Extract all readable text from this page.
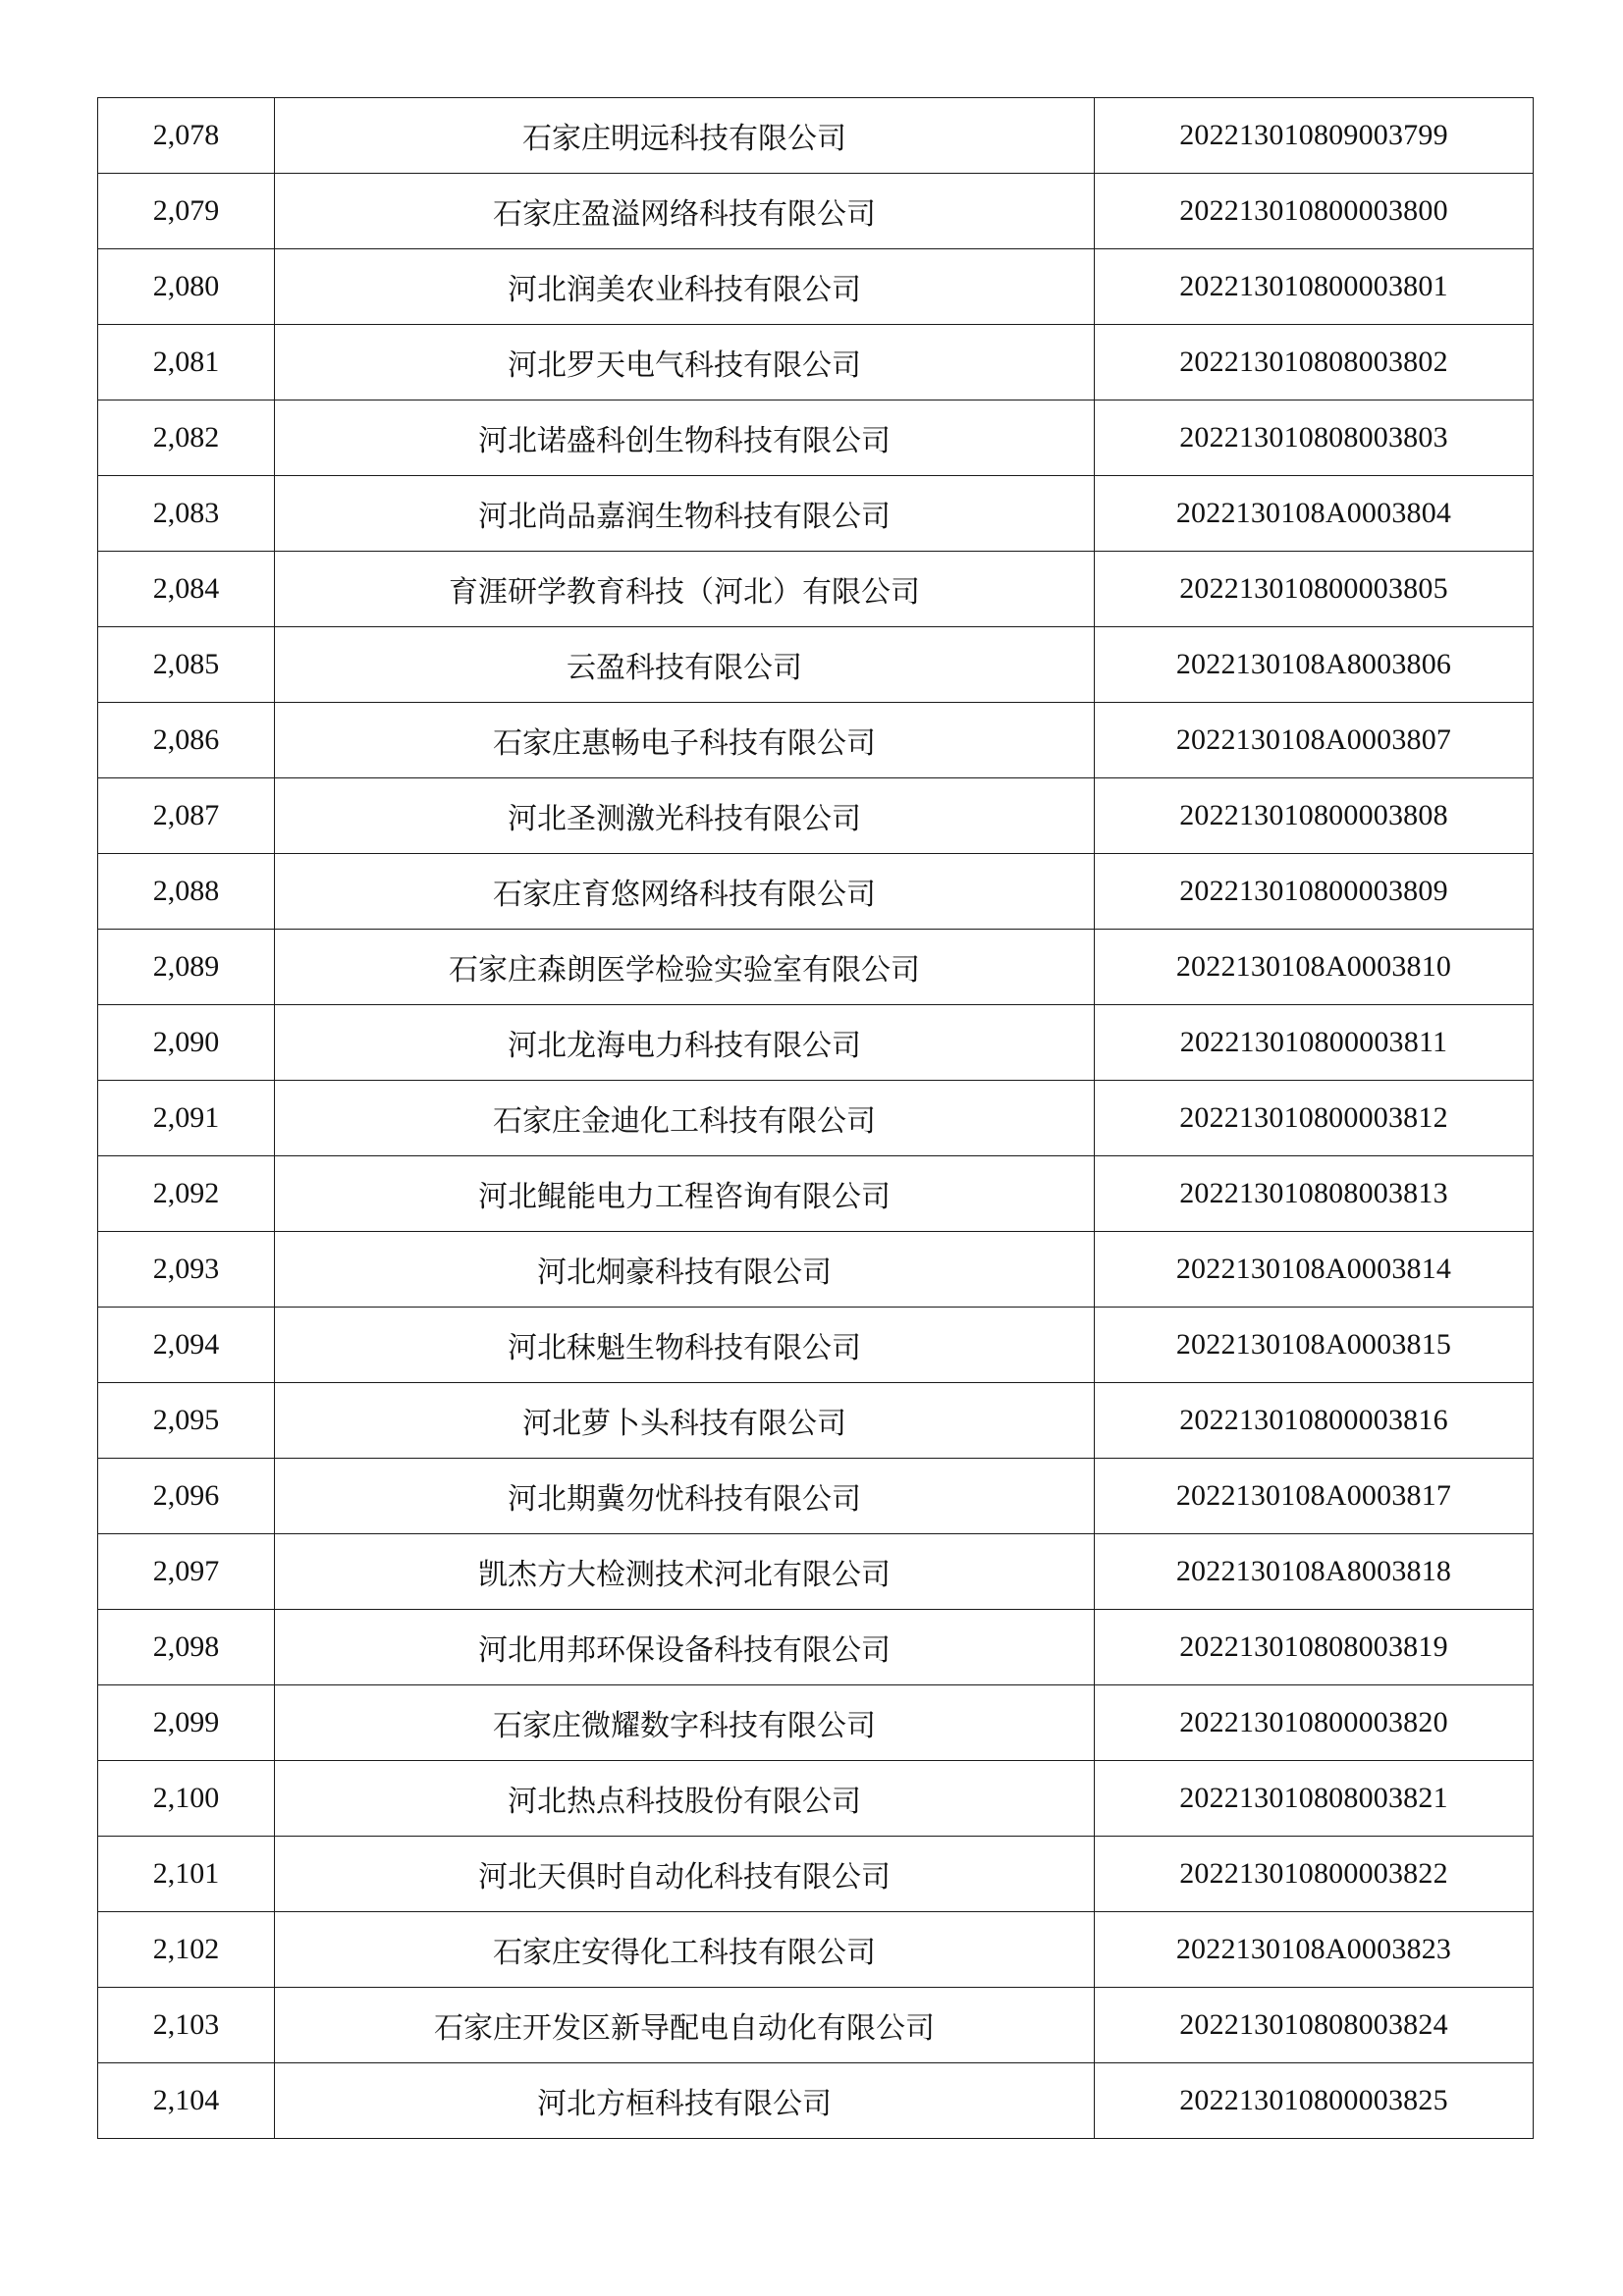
2,078	石家庄明远科技有限公司	202213010809003799
2,079	石家庄盈溢网络科技有限公司	202213010800003800
2,080	河北润美农业科技有限公司	202213010800003801
2,081	河北罗天电气科技有限公司	202213010808003802
2,082	河北诺盛科创生物科技有限公司	202213010808003803
2,083	河北尚品嘉润生物科技有限公司	2022130108A0003804
2,084	育涯研学教育科技（河北）有限公司	202213010800003805
2,085	云盈科技有限公司	2022130108A8003806
2,086	石家庄惠畅电子科技有限公司	2022130108A0003807
2,087	河北圣测激光科技有限公司	202213010800003808
2,088	石家庄育悠网络科技有限公司	202213010800003809
2,089	石家庄森朗医学检验实验室有限公司	2022130108A0003810
2,090	河北龙海电力科技有限公司	202213010800003811
2,091	石家庄金迪化工科技有限公司	202213010800003812
2,092	河北鲲能电力工程咨询有限公司	202213010808003813
2,093	河北炯豪科技有限公司	2022130108A0003814
2,094	河北秣魁生物科技有限公司	2022130108A0003815
2,095	河北萝卜头科技有限公司	202213010800003816
2,096	河北期冀勿忧科技有限公司	2022130108A0003817
2,097	凯杰方大检测技术河北有限公司	2022130108A8003818
2,098	河北用邦环保设备科技有限公司	202213010808003819
2,099	石家庄微耀数字科技有限公司	202213010800003820
2,100	河北热点科技股份有限公司	202213010808003821
2,101	河北天俱时自动化科技有限公司	202213010800003822
2,102	石家庄安得化工科技有限公司	2022130108A0003823
2,103	石家庄开发区新导配电自动化有限公司	202213010808003824
2,104	河北方桓科技有限公司	202213010800003825
